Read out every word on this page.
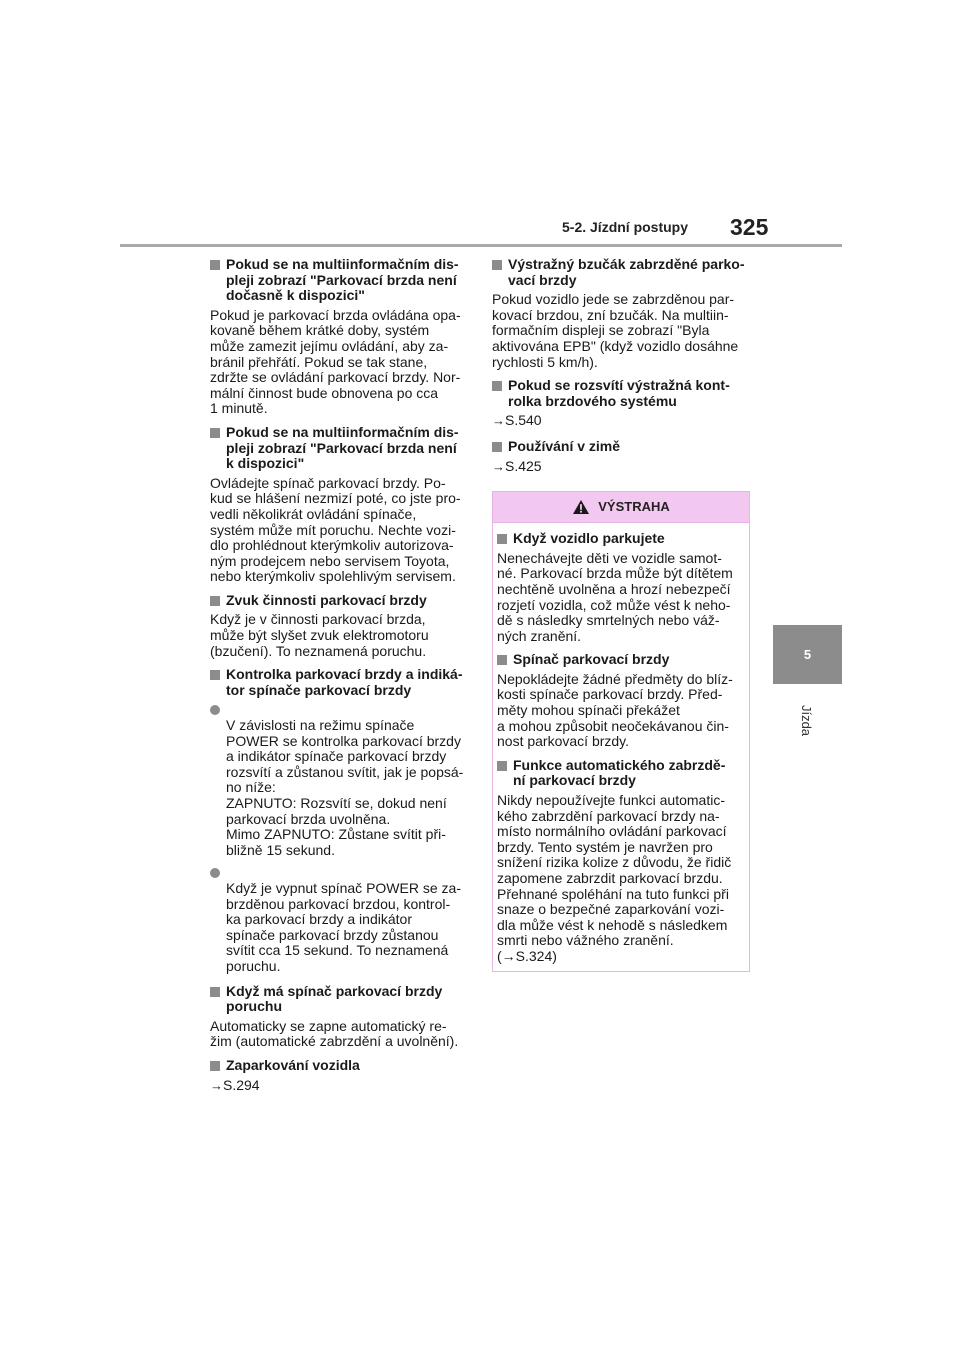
5-2. Jízdní postupy 325
5
Jízda
Pokud se na multiinformačním dis-
pleji zobrazí "Parkovací brzda není
dočasně k dispozici"
Pokud je parkovací brzda ovládána opa-
kovaně během krátké doby, systém
může zamezit jejímu ovládání, aby za-
bránil přehřátí. Pokud se tak stane,
zdržte se ovládání parkovací brzdy. Nor-
mální činnost bude obnovena po cca
1 minutě.
Pokud se na multiinformačním dis-
pleji zobrazí "Parkovací brzda není
k dispozici"
Ovládejte spínač parkovací brzdy. Po-
kud se hlášení nezmizí poté, co jste pro-
vedli několikrát ovládání spínače,
systém může mít poruchu. Nechte vozi-
dlo prohlédnout kterýmkoliv autorizova-
ným prodejcem nebo servisem Toyota,
nebo kterýmkoliv spolehlivým servisem.
Zvuk činnosti parkovací brzdy
Když je v činnosti parkovací brzda,
může být slyšet zvuk elektromotoru
(bzučení). To neznamená poruchu.
Kontrolka parkovací brzdy a indiká-
tor spínače parkovací brzdy

V závislosti na režimu spínače
POWER se kontrolka parkovací brzdy
a indikátor spínače parkovací brzdy
rozsvítí a zůstanou svítit, jak je popsá-
no níže:
ZAPNUTO: Rozsvítí se, dokud není
parkovací brzda uvolněna.
Mimo ZAPNUTO: Zůstane svítit při-
bližně 15 sekund.

Když je vypnut spínač POWER se za-
brzděnou parkovací brzdou, kontrol-
ka parkovací brzdy a indikátor
spínače parkovací brzdy zůstanou
svítit cca 15 sekund. To neznamená
poruchu.

Když má spínač parkovací brzdy
poruchu
Automaticky se zapne automatický re-
žim (automatické zabrzdění a uvolnění).
Zaparkování vozidla
→S.294
Výstražný bzučák zabrzděné parko-
vací brzdy
Pokud vozidlo jede se zabrzděnou par-
kovací brzdou, zní bzučák. Na multiin-
formačním displeji se zobrazí "Byla
aktivována EPB" (když vozidlo dosáhne
rychlosti 5 km/h).
Pokud se rozsvítí výstražná kont-
rolka brzdového systému
→S.540
Používání v zimě
→S.425
VÝSTRAHA
Když vozidlo parkujete
Nenechávejte děti ve vozidle samot-
né. Parkovací brzda může být dítětem
nechtěně uvolněna a hrozí nebezpečí
rozjetí vozidla, což může vést k neho-
dě s následky smrtelných nebo váž-
ných zranění.
Spínač parkovací brzdy
Nepokládejte žádné předměty do blíz-
kosti spínače parkovací brzdy. Před-
měty mohou spínači překážet
a mohou způsobit neočekávanou čin-
nost parkovací brzdy.
Funkce automatického zabrzdě-
ní parkovací brzdy
Nikdy nepoužívejte funkci automatic-
kého zabrzdění parkovací brzdy na-
místo normálního ovládání parkovací
brzdy. Tento systém je navržen pro
snížení rizika kolize z důvodu, že řidič
zapomene zabrzdit parkovací brzdu.
Přehnané spoléhání na tuto funkci při
snaze o bezpečné zaparkování vozi-
dla může vést k nehodě s následkem
smrti nebo vážného zranění.
(→S.324)
